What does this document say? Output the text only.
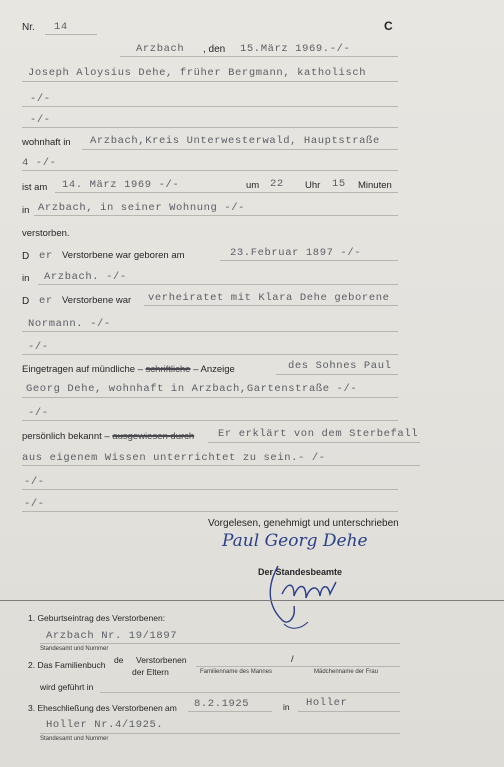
Nr. 14	C
Arzbach , den 15.März 1969.-/-
Joseph Aloysius Dehe, früher Bergmann, katholisch
-/-
-/-
wohnhaft in Arzbach,Kreis Unterwesterwald, Hauptstraße
4 -/-
ist am 14. März 1969 -/-	um 22 Uhr 15 Minuten
in Arzbach, in seiner Wohnung -/-
verstorben.
D er Verstorbene war geboren am	23.Februar 1897 -/-
in Arzbach. -/-
D er Verstorbene war verheiratet mit Klara Dehe geborene
Normann. -/-
-/-
Eingetragen auf mündliche – schriftliche – Anzeige	des Sohnes Paul
Georg Dehe, wohnhaft in Arzbach,Gartenstraße -/-
-/-
persönlich bekannt – ausgewiesen durch Er erklärt von dem Sterbefall
aus eigenem Wissen unterrichtet zu sein.- /-
-/-
-/-
Vorgelesen, genehmigt und unterschrieben
Paul Georg Dehe
Der Standesbeamte
1. Geburtseintrag des Verstorbenen:
Arzbach Nr. 19/1897
Standesamt und Nummer
2. Das Familienbuch de Verstorbenen
der Eltern
/
Familienname des Mannes	Mädchenname der Frau
wird geführt in
3. Eheschließung des Verstorbenen am 8.2.1925	in Holler
Holler Nr.4/1925.
Standesamt und Nummer
